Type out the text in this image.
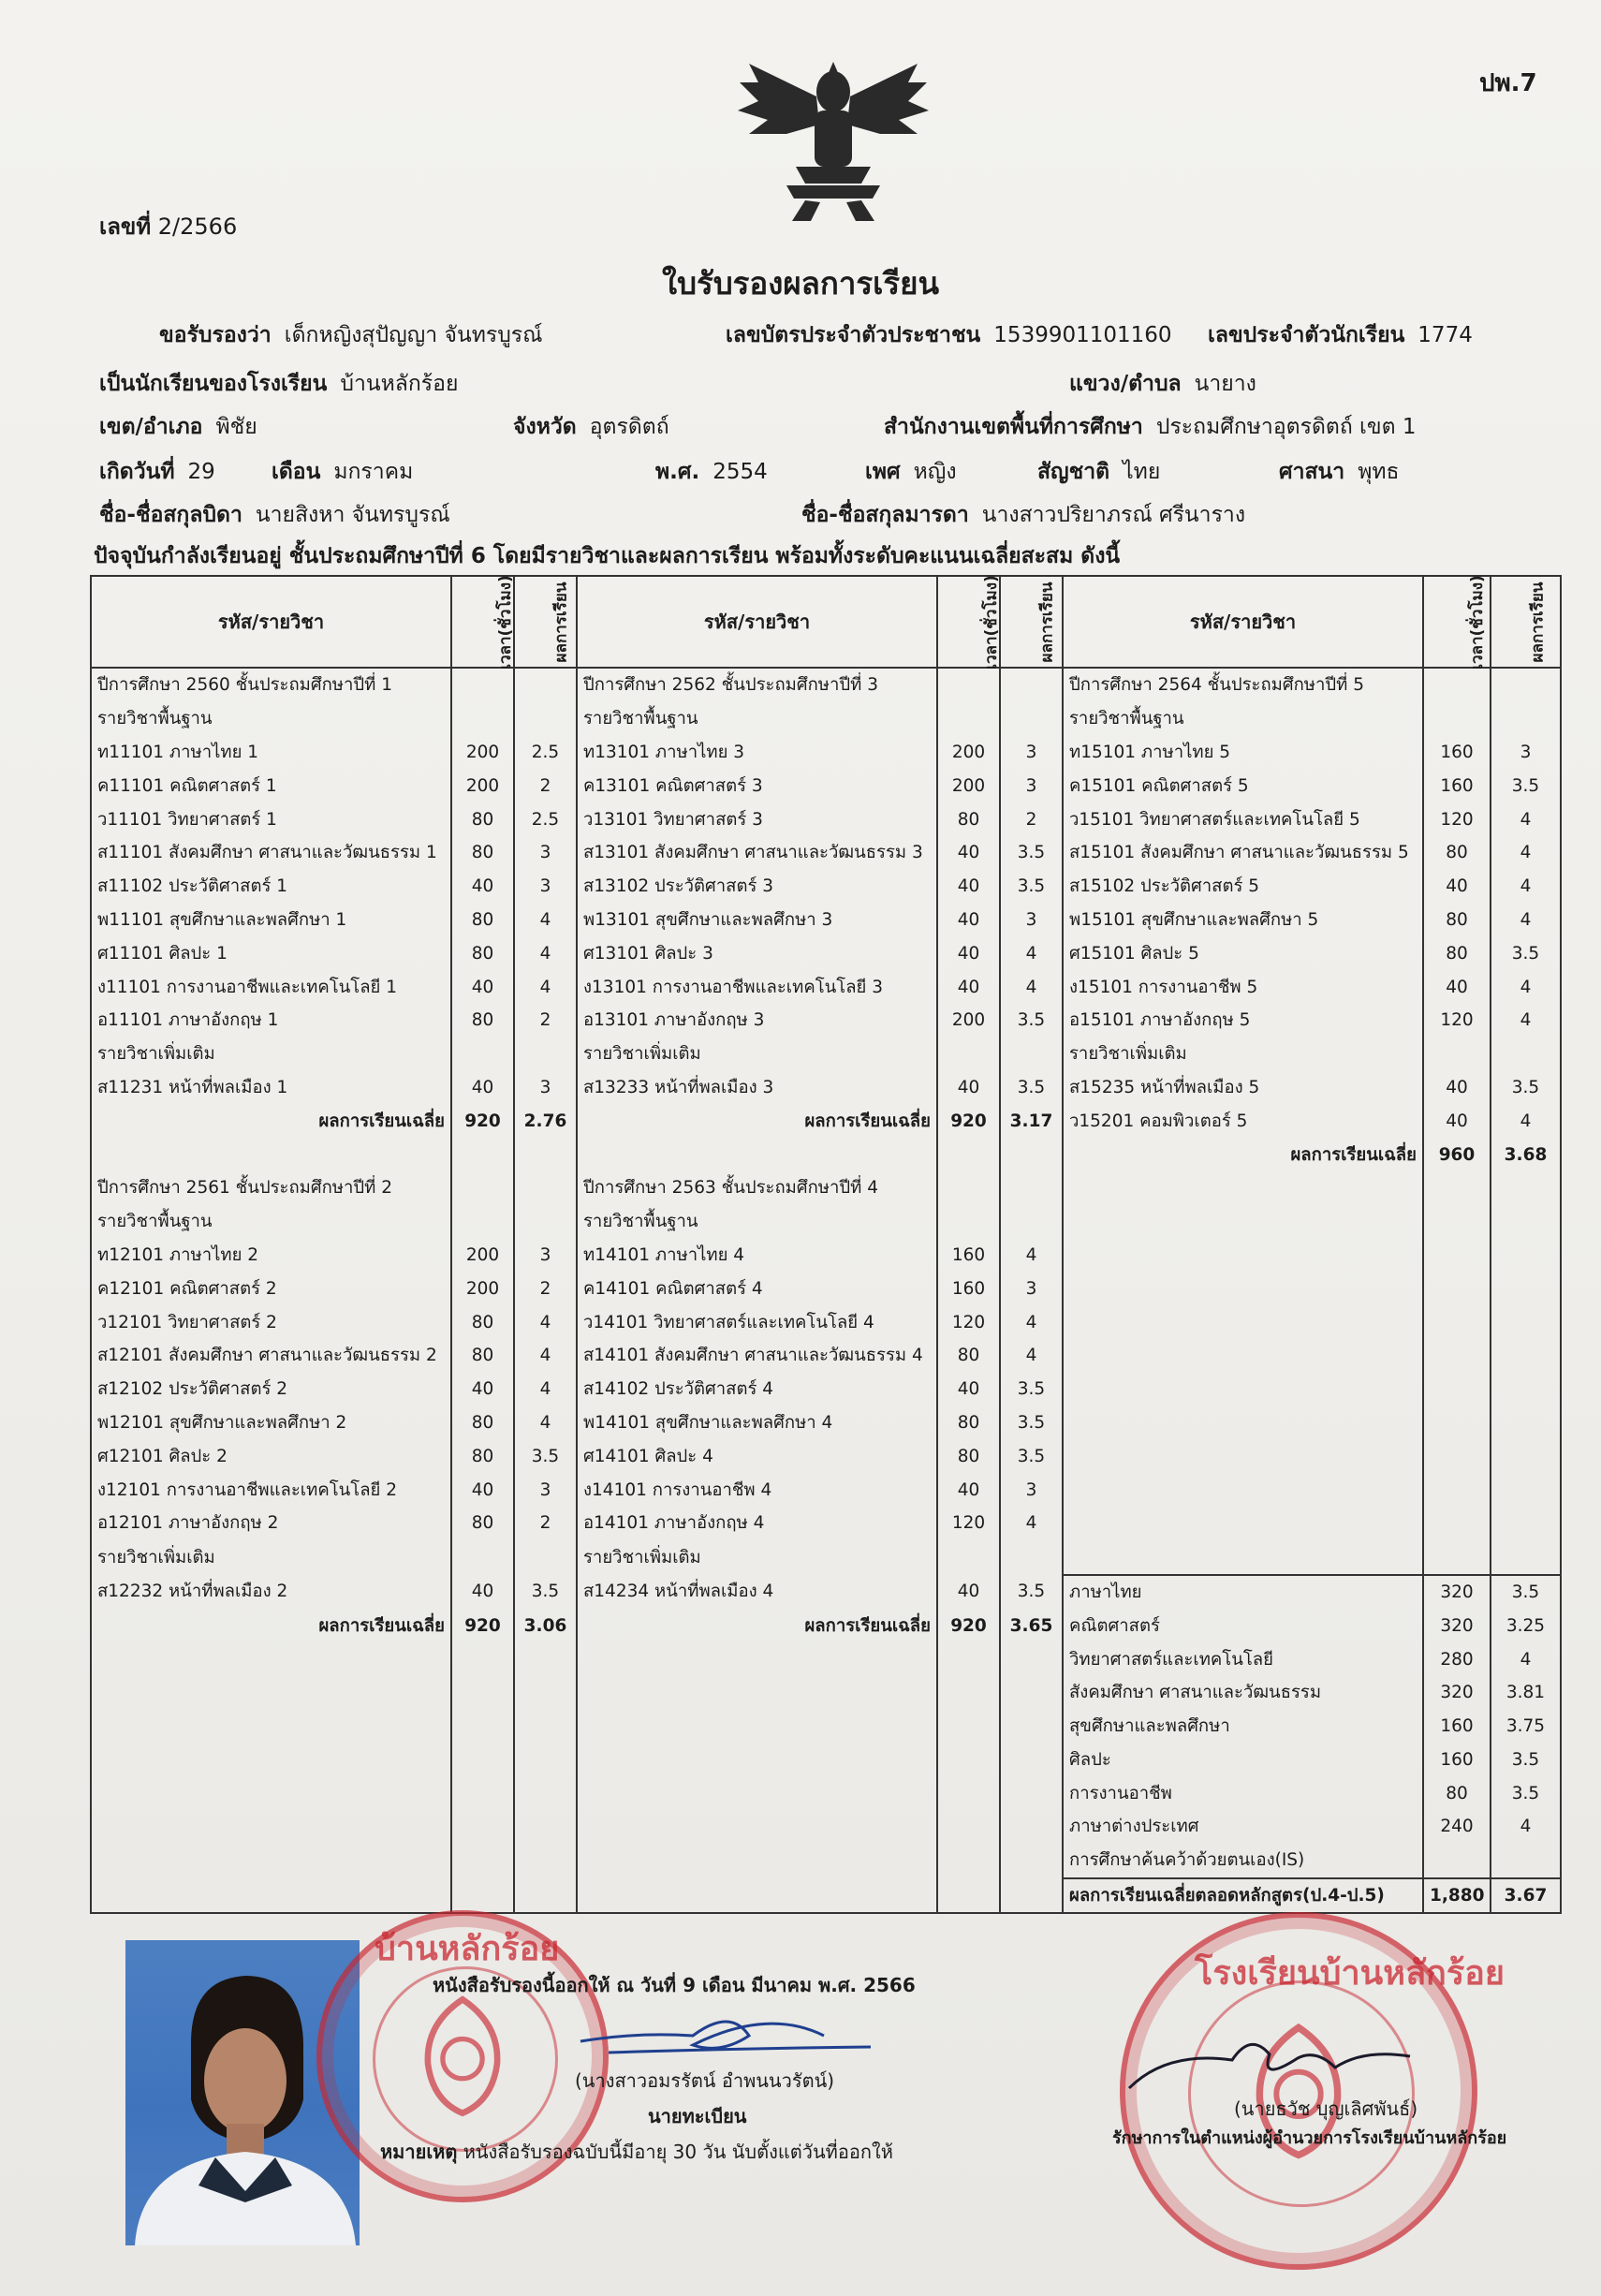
ปพ.7
เลขที่ 2/2566
ใบรับรองผลการเรียน
ขอรับรองว่า เด็กหญิงสุปัญญา จันทรบูรณ์	เลขบัตรประจำตัวประชาชน 1539901101160 เลขประจำตัวนักเรียน 1774
เป็นนักเรียนของโรงเรียน บ้านหลักร้อย	แขวง/ตำบล นายาง
เขต/อำเภอ พิชัย	จังหวัด อุตรดิตถ์	สำนักงานเขตพื้นที่การศึกษา ประถมศึกษาอุตรดิตถ์ เขต 1
เกิดวันที่ 29	เดือน มกราคม	พ.ศ. 2554	เพศ หญิง	สัญชาติ ไทย	ศาสนา พุทธ
ชื่อ-ชื่อสกุลบิดา นายสิงหา จันทรบูรณ์	ชื่อ-ชื่อสกุลมารดา นางสาวปริยาภรณ์ ศรีนาราง
ปัจจุบันกำลังเรียนอยู่ ชั้นประถมศึกษาปีที่ 6 โดยมีรายวิชาและผลการเรียน พร้อมทั้งระดับคะแนนเฉลี่ยสะสม ดังนี้
รหัส/รายวิชา	เวลา(ชั่วโมง)	ผลการเรียน	รหัส/รายวิชา	เวลา(ชั่วโมง)	ผลการเรียน	รหัส/รายวิชา	เวลา(ชั่วโมง)	ผลการเรียน
ปีการศึกษา 2560 ชั้นประถมศึกษาปีที่ 1			ปีการศึกษา 2562 ชั้นประถมศึกษาปีที่ 3			ปีการศึกษา 2564 ชั้นประถมศึกษาปีที่ 5		
รายวิชาพื้นฐาน			รายวิชาพื้นฐาน			รายวิชาพื้นฐาน		
ท11101 ภาษาไทย 1	200	2.5	ท13101 ภาษาไทย 3	200	3	ท15101 ภาษาไทย 5	160	3
ค11101 คณิตศาสตร์ 1	200	2	ค13101 คณิตศาสตร์ 3	200	3	ค15101 คณิตศาสตร์ 5	160	3.5
ว11101 วิทยาศาสตร์ 1	80	2.5	ว13101 วิทยาศาสตร์ 3	80	2	ว15101 วิทยาศาสตร์และเทคโนโลยี 5	120	4
ส11101 สังคมศึกษา ศาสนาและวัฒนธรรม 1	80	3	ส13101 สังคมศึกษา ศาสนาและวัฒนธรรม 3	40	3.5	ส15101 สังคมศึกษา ศาสนาและวัฒนธรรม 5	80	4
ส11102 ประวัติศาสตร์ 1	40	3	ส13102 ประวัติศาสตร์ 3	40	3.5	ส15102 ประวัติศาสตร์ 5	40	4
พ11101 สุขศึกษาและพลศึกษา 1	80	4	พ13101 สุขศึกษาและพลศึกษา 3	40	3	พ15101 สุขศึกษาและพลศึกษา 5	80	4
ศ11101 ศิลปะ 1	80	4	ศ13101 ศิลปะ 3	40	4	ศ15101 ศิลปะ 5	80	3.5
ง11101 การงานอาชีพและเทคโนโลยี 1	40	4	ง13101 การงานอาชีพและเทคโนโลยี 3	40	4	ง15101 การงานอาชีพ 5	40	4
อ11101 ภาษาอังกฤษ 1	80	2	อ13101 ภาษาอังกฤษ 3	200	3.5	อ15101 ภาษาอังกฤษ 5	120	4
รายวิชาเพิ่มเติม			รายวิชาเพิ่มเติม			รายวิชาเพิ่มเติม		
ส11231 หน้าที่พลเมือง 1	40	3	ส13233 หน้าที่พลเมือง 3	40	3.5	ส15235 หน้าที่พลเมือง 5	40	3.5
ผลการเรียนเฉลี่ย	920	2.76	ผลการเรียนเฉลี่ย	920	3.17	ว15201 คอมพิวเตอร์ 5	40	4
						ผลการเรียนเฉลี่ย	960	3.68
ปีการศึกษา 2561 ชั้นประถมศึกษาปีที่ 2			ปีการศึกษา 2563 ชั้นประถมศึกษาปีที่ 4					
รายวิชาพื้นฐาน			รายวิชาพื้นฐาน					
ท12101 ภาษาไทย 2	200	3	ท14101 ภาษาไทย 4	160	4			
ค12101 คณิตศาสตร์ 2	200	2	ค14101 คณิตศาสตร์ 4	160	3			
ว12101 วิทยาศาสตร์ 2	80	4	ว14101 วิทยาศาสตร์และเทคโนโลยี 4	120	4			
ส12101 สังคมศึกษา ศาสนาและวัฒนธรรม 2	80	4	ส14101 สังคมศึกษา ศาสนาและวัฒนธรรม 4	80	4			
ส12102 ประวัติศาสตร์ 2	40	4	ส14102 ประวัติศาสตร์ 4	40	3.5			
พ12101 สุขศึกษาและพลศึกษา 2	80	4	พ14101 สุขศึกษาและพลศึกษา 4	80	3.5			
ศ12101 ศิลปะ 2	80	3.5	ศ14101 ศิลปะ 4	80	3.5			
ง12101 การงานอาชีพและเทคโนโลยี 2	40	3	ง14101 การงานอาชีพ 4	40	3			
อ12101 ภาษาอังกฤษ 2	80	2	อ14101 ภาษาอังกฤษ 4	120	4			
รายวิชาเพิ่มเติม			รายวิชาเพิ่มเติม					
ส12232 หน้าที่พลเมือง 2	40	3.5	ส14234 หน้าที่พลเมือง 4	40	3.5	ภาษาไทย	320	3.5
ผลการเรียนเฉลี่ย	920	3.06	ผลการเรียนเฉลี่ย	920	3.65	คณิตศาสตร์	320	3.25
						วิทยาศาสตร์และเทคโนโลยี	280	4
						สังคมศึกษา ศาสนาและวัฒนธรรม	320	3.81
						สุขศึกษาและพลศึกษา	160	3.75
						ศิลปะ	160	3.5
						การงานอาชีพ	80	3.5
						ภาษาต่างประเทศ	240	4
						การศึกษาค้นคว้าด้วยตนเอง(IS)		
						ผลการเรียนเฉลี่ยตลอดหลักสูตร(ป.4-ป.5)	1,880	3.67
บ้านหลักร้อย
โรงเรียนบ้านหลักร้อย
หนังสือรับรองนี้ออกให้ ณ วันที่ 9 เดือน มีนาคม พ.ศ. 2566
(นางสาวอมรรัตน์ อำพนนวรัตน์)
นายทะเบียน
หมายเหตุ หนังสือรับรองฉบับนี้มีอายุ 30 วัน นับตั้งแต่วันที่ออกให้
(นายธวัช บุญเลิศพันธ์)
รักษาการในตำแหน่งผู้อำนวยการโรงเรียนบ้านหลักร้อย
